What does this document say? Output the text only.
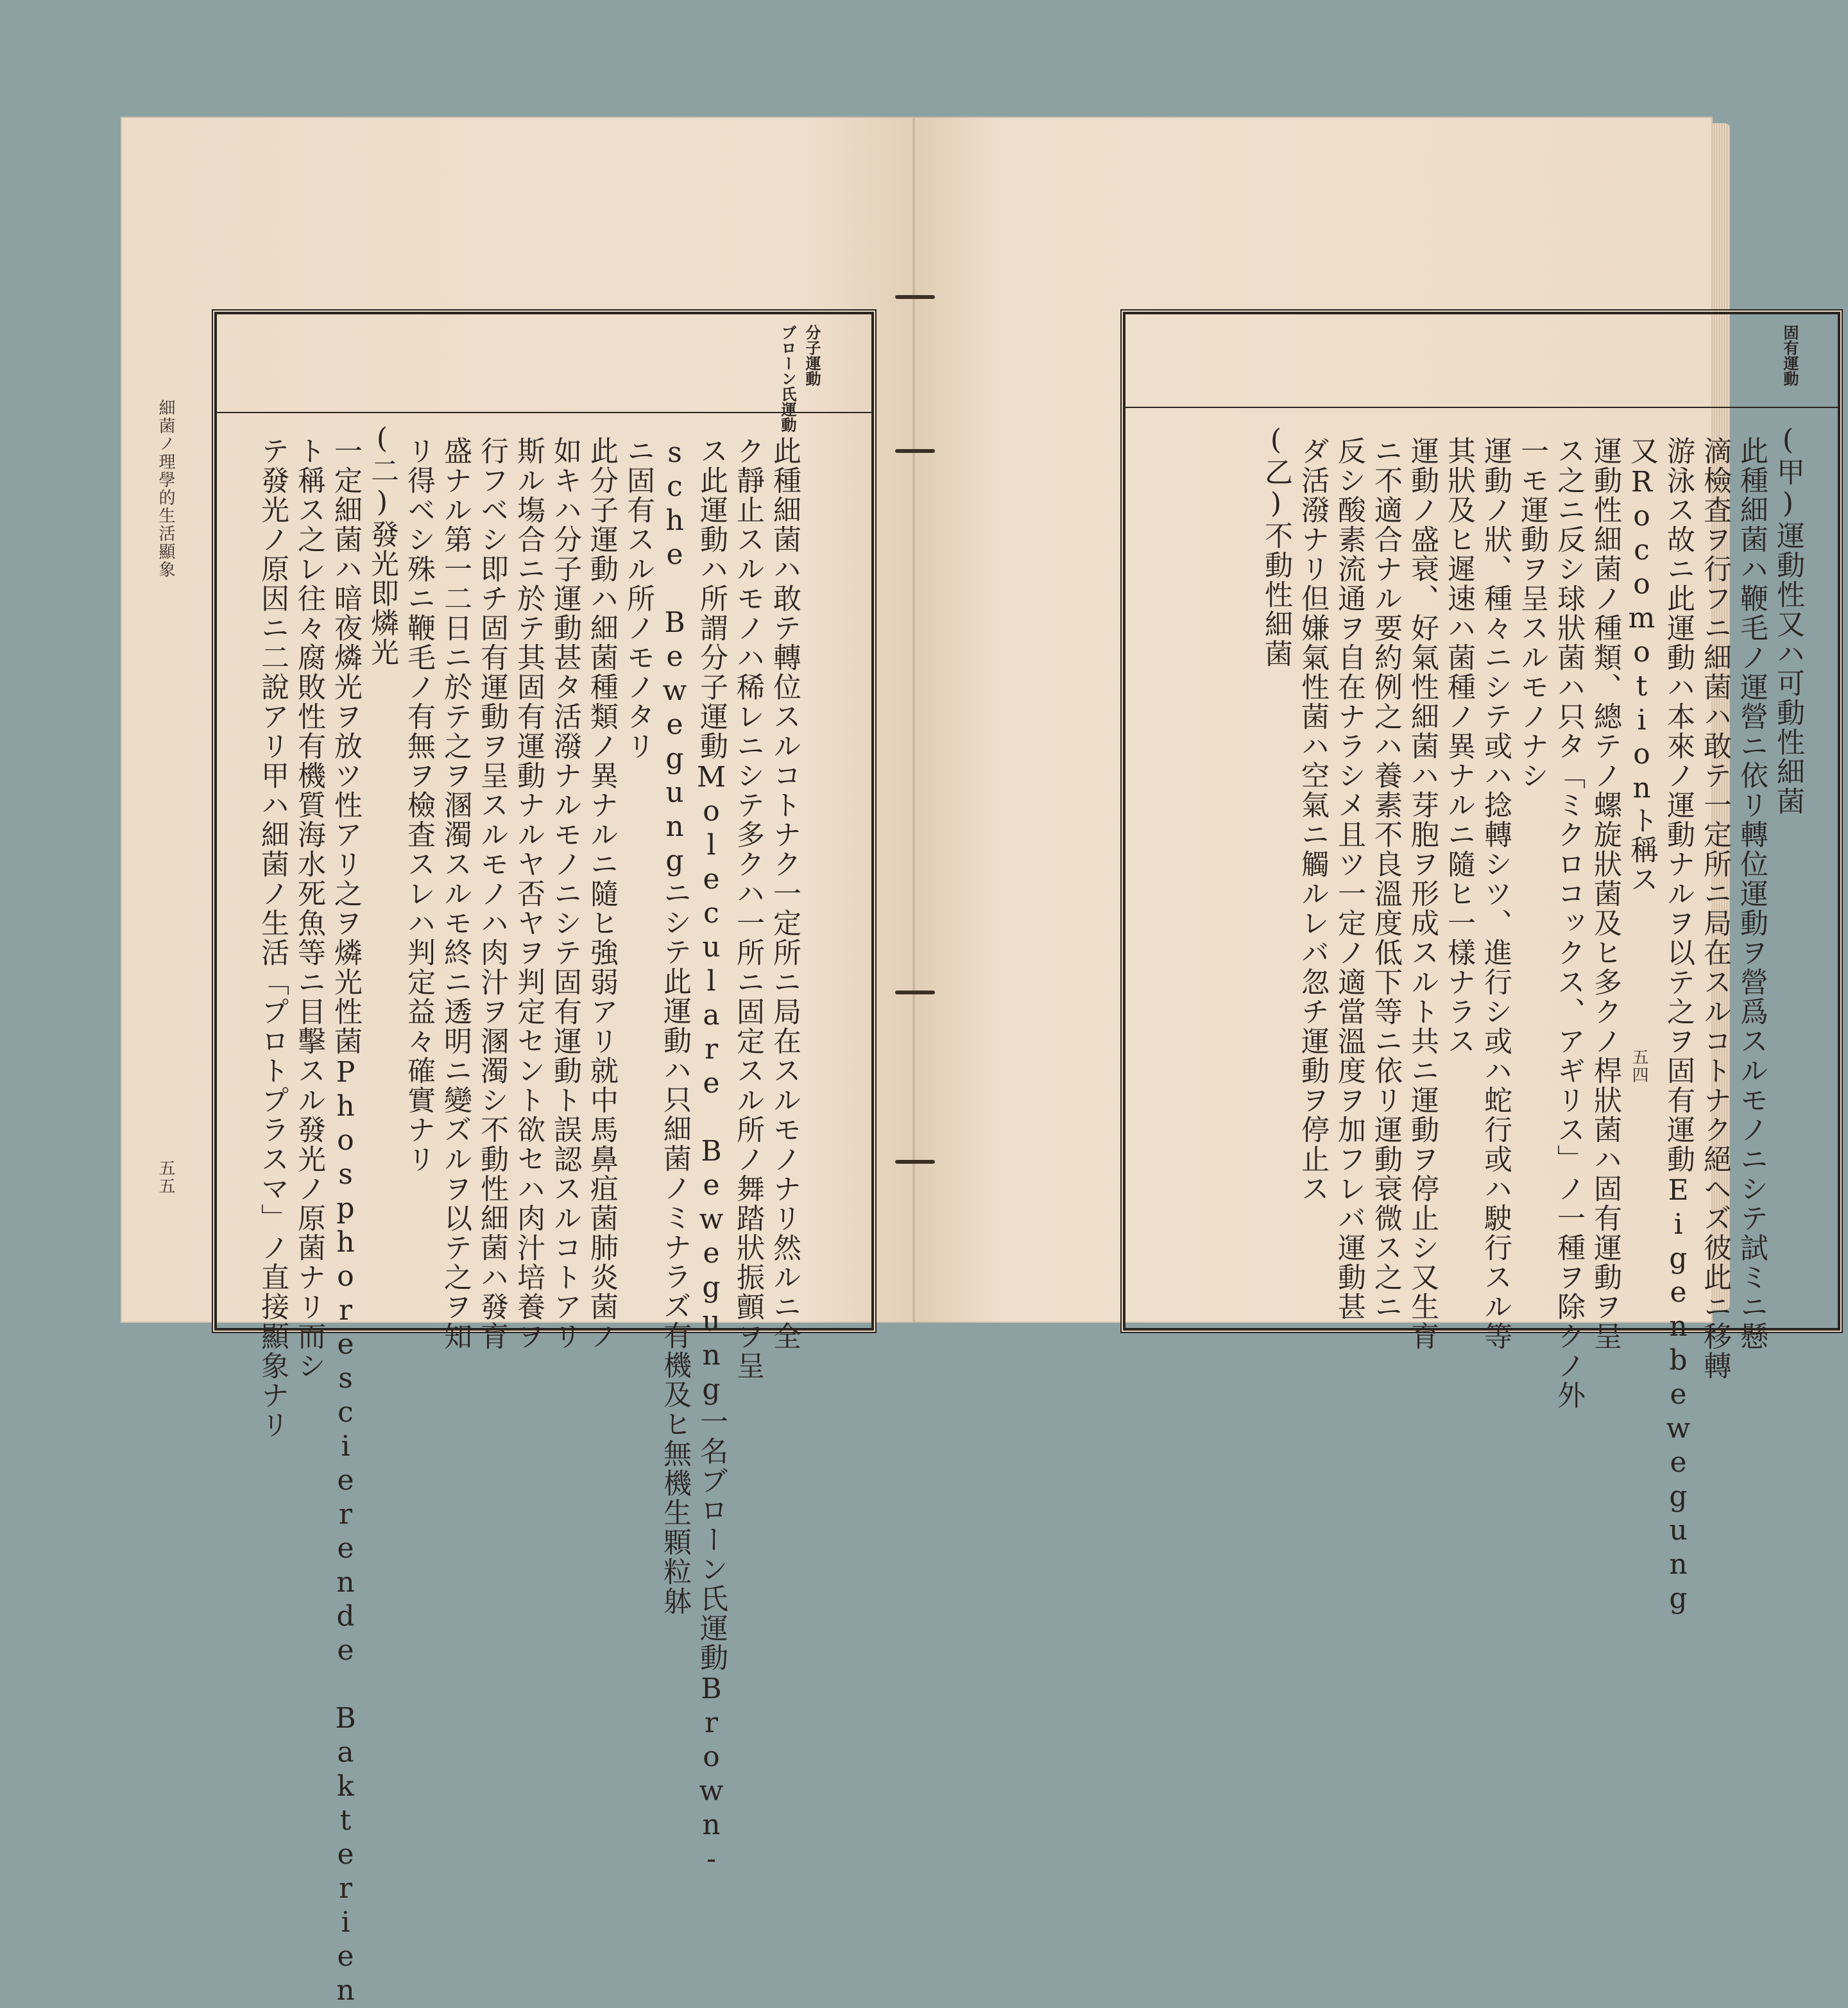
細菌ノ理學的生活顯象
五五
分子運動
ブローン氏運動
此種細菌ハ敢テ轉位スルコトナク一定所ニ局在スルモノナリ然ルニ全
ク靜止スルモノハ稀レニシテ多クハ一所ニ固定スル所ノ舞踏狀振顫ヲ呈
ス此運動ハ所謂分子運動Moleculare Bewegung一名ブローン氏運動Brown-
sche Bewegungニシテ此運動ハ只細菌ノミナラズ有機及ヒ無機生顆粒躰
ニ固有スル所ノモノタリ
此分子運動ハ細菌種類ノ異ナルニ隨ヒ強弱アリ就中馬鼻疽菌肺炎菌ノ
如キハ分子運動甚タ活潑ナルモノニシテ固有運動ト誤認スルコトアリ
斯ル塲合ニ於テ其固有運動ナルヤ否ヤヲ判定セント欲セハ肉汁培養ヲ
行フベシ即チ固有運動ヲ呈スルモノハ肉汁ヲ溷濁シ不動性細菌ハ發育
盛ナル第一二日ニ於テ之ヲ溷濁スルモ終ニ透明ニ變ズルヲ以テ之ヲ知
リ得ベシ殊ニ鞭毛ノ有無ヲ檢査スレハ判定益々確實ナリ
(二)發光即燐光
一定細菌ハ暗夜燐光ヲ放ツ性アリ之ヲ燐光性菌Phosphorescierende Bakterien
ト稱ス之レ往々腐敗性有機質海水死魚等ニ目擊スル發光ノ原菌ナリ而シ
テ發光ノ原因ニ二說アリ甲ハ細菌ノ生活「プロトプラスマ」ノ直接顯象ナリ	五四
固有運動
(甲)運動性又ハ可動性細菌
此種細菌ハ鞭毛ノ運營ニ依リ轉位運動ヲ營爲スルモノニシテ試ミニ懸
滴檢査ヲ行フニ細菌ハ敢テ一定所ニ局在スルコトナク絕ヘズ彼此ニ移轉
游泳ス故ニ此運動ハ本來ノ運動ナルヲ以テ之ヲ固有運動Eigenbewegung
又Rocomotionト稱ス
運動性細菌ノ種類、總テノ螺旋狀菌及ヒ多クノ桿狀菌ハ固有運動ヲ呈
ス之ニ反シ球狀菌ハ只タ「ミクロコックス、アギリス」ノ一種ヲ除クノ外
一モ運動ヲ呈スルモノナシ
運動ノ狀、種々ニシテ或ハ捻轉シツ、進行シ或ハ蛇行或ハ駛行スル等
其狀及ヒ遲速ハ菌種ノ異ナルニ隨ヒ一樣ナラス
運動ノ盛衰、好氣性細菌ハ芽胞ヲ形成スルト共ニ運動ヲ停止シ又生育
ニ不適合ナル要約例之ハ養素不良溫度低下等ニ依リ運動衰微ス之ニ
反シ酸素流通ヲ自在ナラシメ且ツ一定ノ適當溫度ヲ加フレバ運動甚
ダ活潑ナリ但嫌氣性菌ハ空氣ニ觸ルレバ忽チ運動ヲ停止ス
(乙)不動性細菌
